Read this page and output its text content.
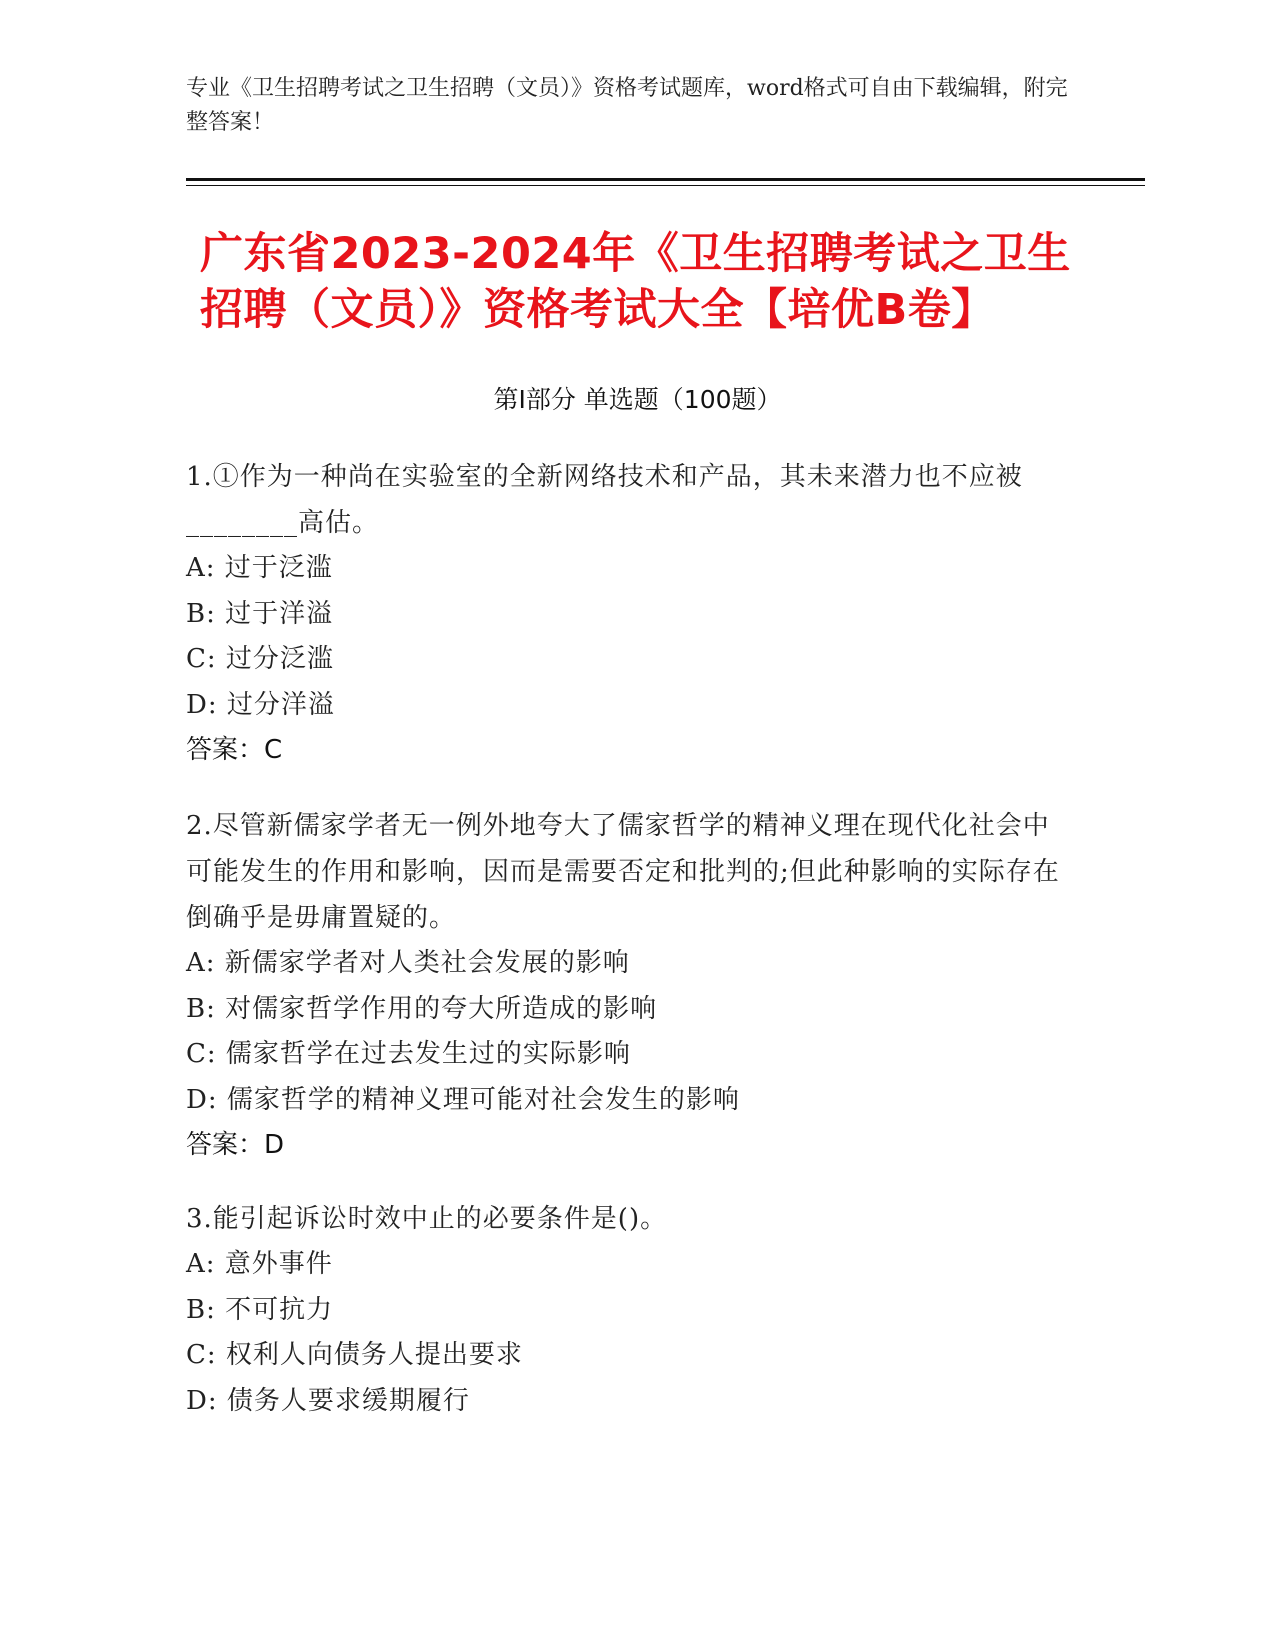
专业《卫生招聘考试之卫生招聘（文员）》资格考试题库，word格式可自由下载编辑，附完整答案！
广东省2023-2024年《卫生招聘考试之卫生招聘（文员）》资格考试大全【培优B卷】
第Ⅰ部分 单选题（100题）
1.①作为一种尚在实验室的全新网络技术和产品，其未来潜力也不应被________高估。
A: 过于泛滥
B: 过于洋溢
C: 过分泛滥
D: 过分洋溢
答案：C
2.尽管新儒家学者无一例外地夸大了儒家哲学的精神义理在现代化社会中可能发生的作用和影响，因而是需要否定和批判的;但此种影响的实际存在倒确乎是毋庸置疑的。
A: 新儒家学者对人类社会发展的影响
B: 对儒家哲学作用的夸大所造成的影响
C: 儒家哲学在过去发生过的实际影响
D: 儒家哲学的精神义理可能对社会发生的影响
答案：D
3.能引起诉讼时效中止的必要条件是()。
A: 意外事件
B: 不可抗力
C: 权利人向债务人提出要求
D: 债务人要求缓期履行
